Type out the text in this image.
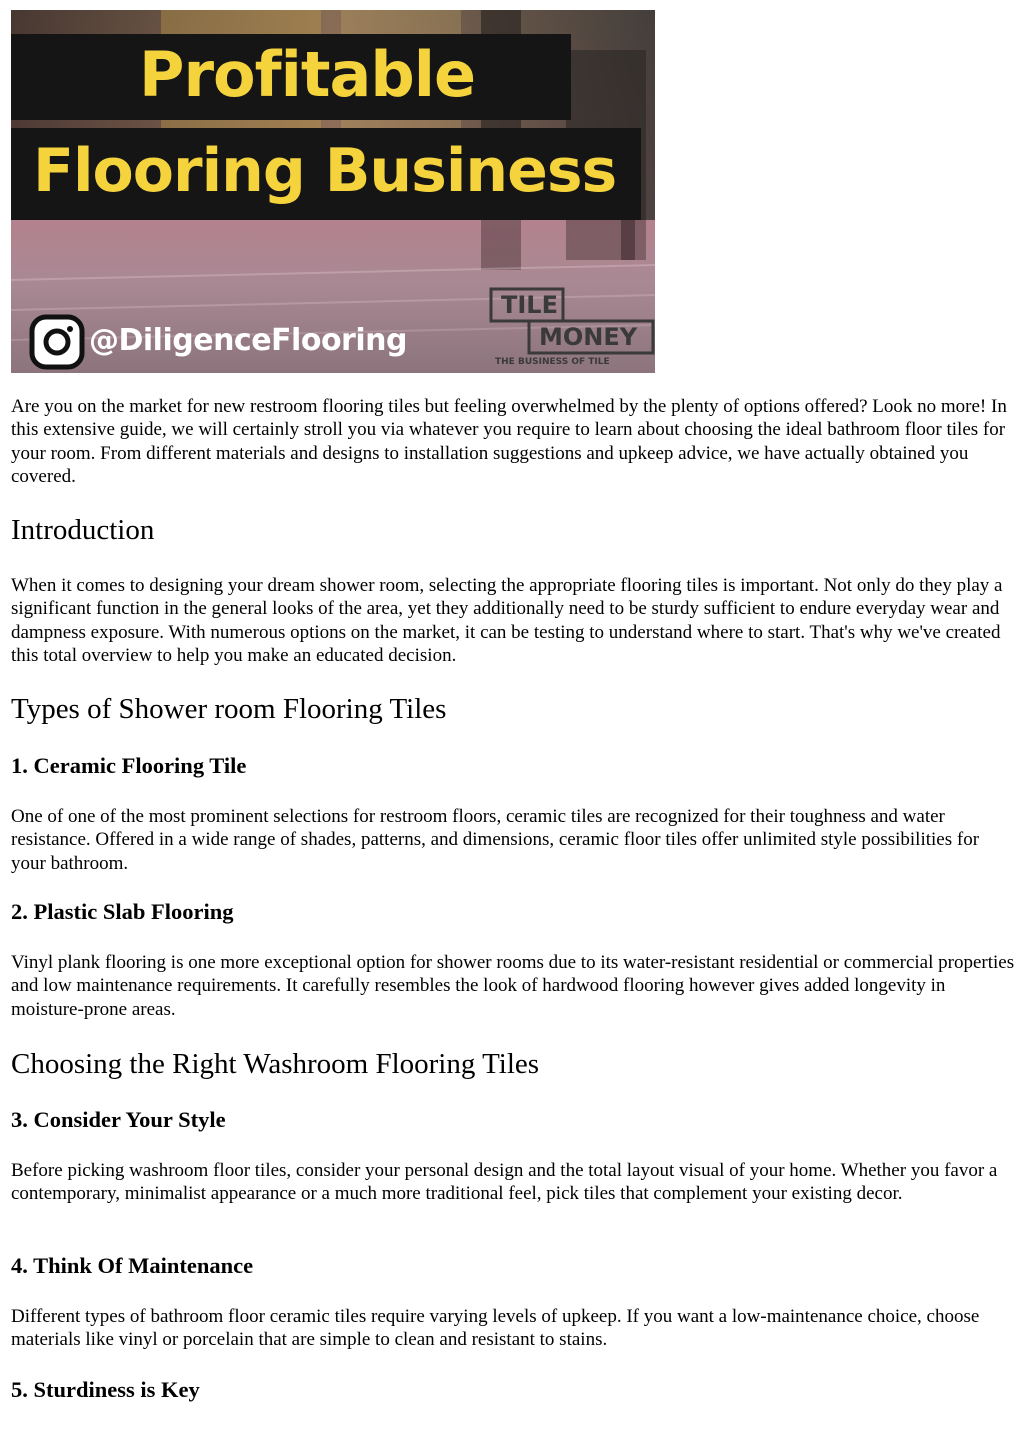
Profitable
Flooring Business
@DiligenceFlooring
TILE
MONEY
THE BUSINESS OF TILE

Are you on the market for new restroom flooring tiles but feeling overwhelmed by the plenty of options offered? Look no more! In this extensive guide, we will certainly stroll you via whatever you require to learn about choosing the ideal bathroom floor tiles for your room. From different materials and designs to installation suggestions and upkeep advice, we have actually obtained you covered.

Introduction

When it comes to designing your dream shower room, selecting the appropriate flooring tiles is important. Not only do they play a significant function in the general looks of the area, yet they additionally need to be sturdy sufficient to endure everyday wear and dampness exposure. With numerous options on the market, it can be testing to understand where to start. That's why we've created this total overview to help you make an educated decision.

Types of Shower room Flooring Tiles
1. Ceramic Flooring Tile

One of one of the most prominent selections for restroom floors, ceramic tiles are recognized for their toughness and water resistance. Offered in a wide range of shades, patterns, and dimensions, ceramic floor tiles offer unlimited style possibilities for your bathroom.

2. Plastic Slab Flooring

Vinyl plank flooring is one more exceptional option for shower rooms due to its water-resistant residential or commercial properties and low maintenance requirements. It carefully resembles the look of hardwood flooring however gives added longevity in moisture-prone areas.

Choosing the Right Washroom Flooring Tiles
3. Consider Your Style

Before picking washroom floor tiles, consider your personal design and the total layout visual of your home. Whether you favor a contemporary, minimalist appearance or a much more traditional feel, pick tiles that complement your existing decor.

4. Think Of Maintenance

Different types of bathroom floor ceramic tiles require varying levels of upkeep. If you want a low-maintenance choice, choose materials like vinyl or porcelain that are simple to clean and resistant to stains.

5. Sturdiness is Key
